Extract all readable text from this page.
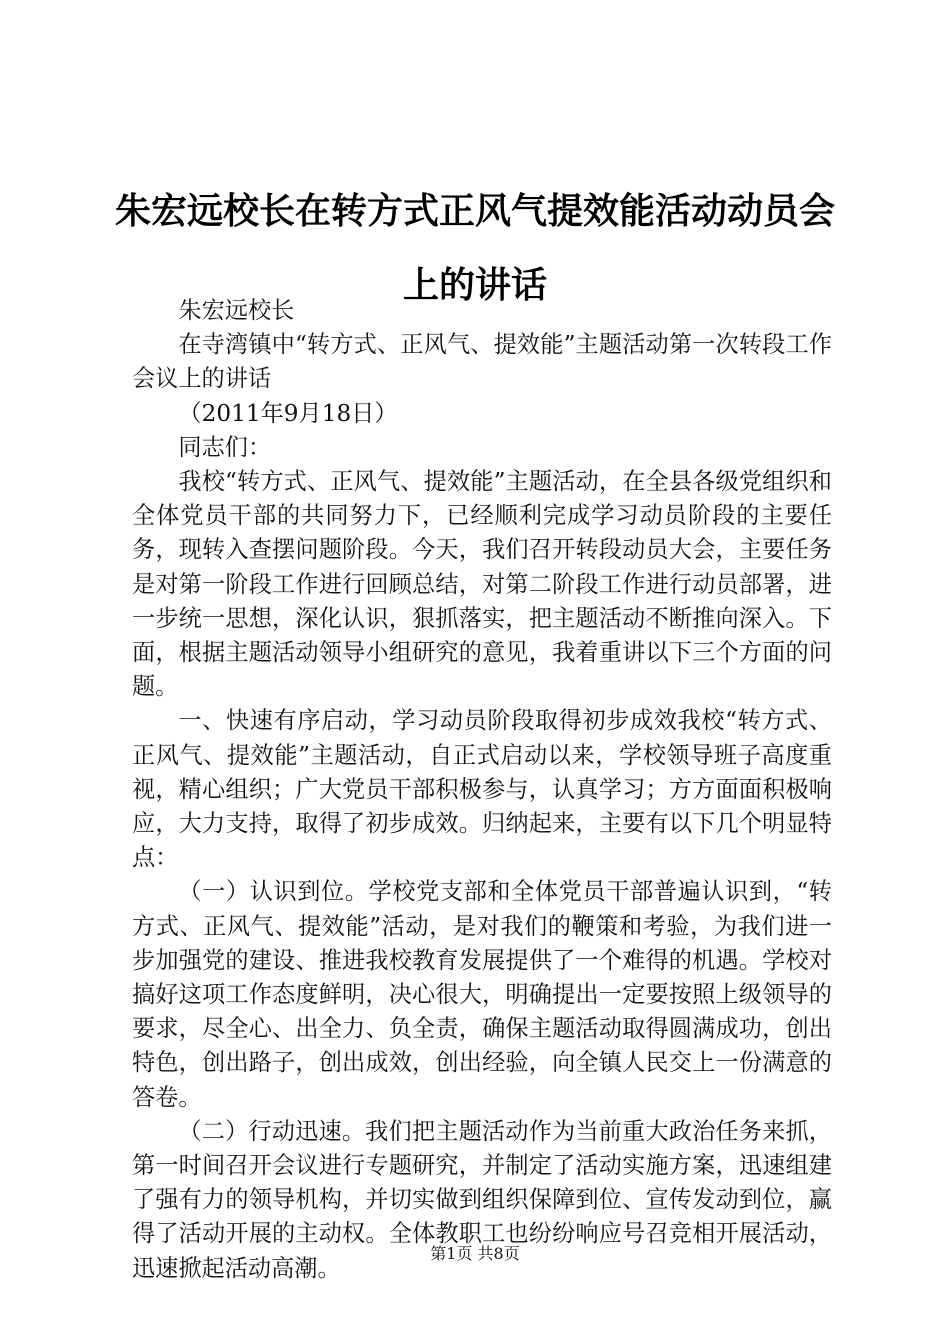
朱宏远校长在转方式正风气提效能活动动员会上的讲话

朱宏远校长

在寺湾镇中“转方式、正风气、提效能”主题活动第一次转段工作会议上的讲话

（2011年9月18日）

同志们：

我校“转方式、正风气、提效能”主题活动，在全县各级党组织和全体党员干部的共同努力下，已经顺利完成学习动员阶段的主要任务，现转入查摆问题阶段。今天，我们召开转段动员大会，主要任务是对第一阶段工作进行回顾总结，对第二阶段工作进行动员部署，进一步统一思想，深化认识，狠抓落实，把主题活动不断推向深入。下面，根据主题活动领导小组研究的意见，我着重讲以下三个方面的问题。

一、快速有序启动，学习动员阶段取得初步成效我校“转方式、正风气、提效能”主题活动，自正式启动以来，学校领导班子高度重视，精心组织；广大党员干部积极参与，认真学习；方方面面积极响应，大力支持，取得了初步成效。归纳起来，主要有以下几个明显特点：

（一）认识到位。学校党支部和全体党员干部普遍认识到，“转方式、正风气、提效能”活动，是对我们的鞭策和考验，为我们进一步加强党的建设、推进我校教育发展提供了一个难得的机遇。学校对搞好这项工作态度鲜明，决心很大，明确提出一定要按照上级领导的要求，尽全心、出全力、负全责，确保主题活动取得圆满成功，创出特色，创出路子，创出成效，创出经验，向全镇人民交上一份满意的答卷。

（二）行动迅速。我们把主题活动作为当前重大政治任务来抓，第一时间召开会议进行专题研究，并制定了活动实施方案，迅速组建了强有力的领导机构，并切实做到组织保障到位、宣传发动到位，赢得了活动开展的主动权。全体教职工也纷纷响应号召竞相开展活动，迅速掀起活动高潮。

第1页 共8页
